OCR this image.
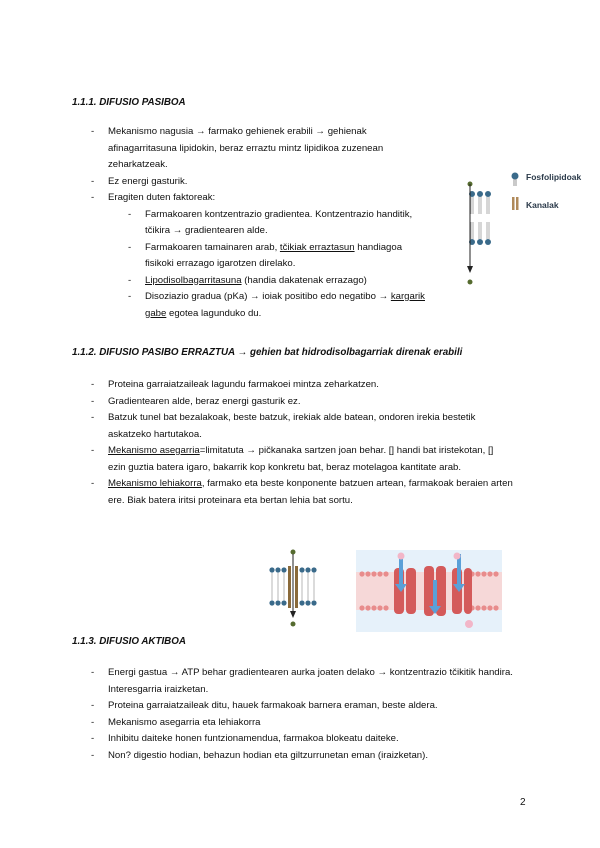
1.1.1. DIFUSIO PASIBOA

- Mekanismo nagusia → farmako gehienek erabili → gehienak afinagarritasuna lipidokin, beraz erraztu mintz lipidikoa zuzenean zeharkatzeak.
- Ez energi gasturik.
- Eragiten duten faktoreak:
- Farmakoaren kontzentrazio gradientea. Kontzentrazio handitik, tčikira → gradientearen alde.
- Farmakoaren tamainaren arab, tčikiak erraztasun handiagoa fisikoki errazago igarotzen direlako.
- Lipodisolbagarritasuna (handia dakatenak errazago)
- Disoziazio gradua (pKa) → ioiak positibo edo negatibo → kargarik gabe egotea lagunduko du.
Fosfolipidoak
Kanalak

1.1.2. DIFUSIO PASIBO ERRAZTUA → gehien bat hidrodisolbagarriak direnak erabili

- Proteina garraiatzaileak lagundu farmakoei mintza zeharkatzen.
- Gradientearen alde, beraz energi gasturik ez.
- Batzuk tunel bat bezalakoak, beste batzuk, irekiak alde batean, ondoren irekia bestetik askatzeko hartutakoa.
- Mekanismo asegarria=limitatuta → pičkanaka sartzen joan behar. [] handi bat iristekotan, [] ezin guztia batera igaro, bakarrik kop konkretu bat, beraz motelagoa kantitate arab.
- Mekanismo lehiakorra, farmako eta beste konponente batzuen artean, farmakoak beraien arten ere. Biak batera iritsi proteinara eta bertan lehia bat sortu.

1.1.3. DIFUSIO AKTIBOA

- Energi gastua → ATP behar gradientearen aurka joaten delako → kontzentrazio tčikitik handira. Interesgarria iraizketan.
- Proteina garraiatzaileak ditu, hauek farmakoak barnera eraman, beste aldera.
- Mekanismo asegarria eta lehiakorra
- Inhibitu daiteke honen funtzionamendua, farmakoa blokeatu daiteke.
- Non? digestio hodian, behazun hodian eta giltzurrunetan eman (iraizketan).
2
